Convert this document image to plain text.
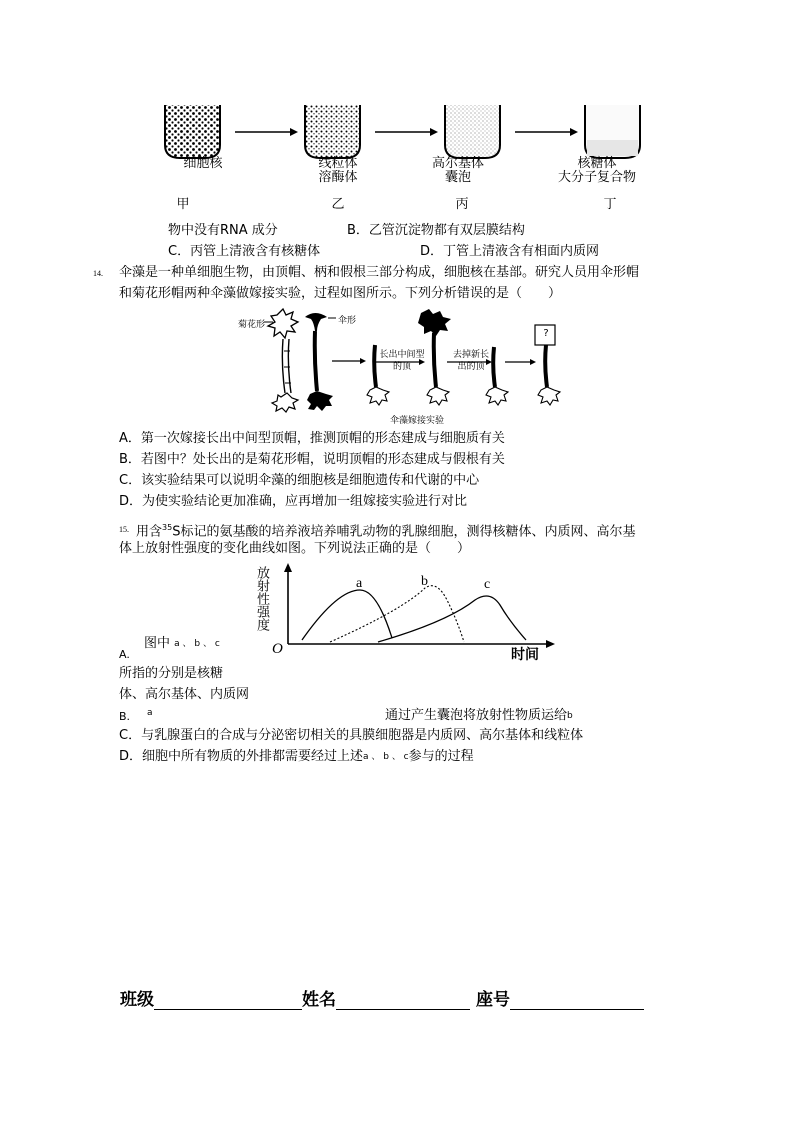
细胞核	线粒体
溶酶体
高尔基体
囊泡
核糖体
大分子复合物
甲	乙	丙	丁
物中没有RNA 成分	B．乙管沉淀物都有双层膜结构
C．丙管上清液含有核糖体	D．丁管上清液含有相面内质网
14. 伞藻是一种单细胞生物，由顶帽、柄和假根三部分构成，细胞核在基部。研究人员用伞形帽
和菊花形帽两种伞藻做嫁接实验，过程如图所示。下列分析错误的是（　　）
菊花形	伞形
长出中间型
的顶
去掉新长
出的顶
?
伞藻嫁接实验
A．第一次嫁接长出中间型顶帽，推测顶帽的形态建成与细胞质有关
B．若图中？处长出的是菊花形帽，说明顶帽的形态建成与假根有关
C．该实验结果可以说明伞藻的细胞核是细胞遗传和代谢的中心
D．为使实验结论更加准确，应再增加一组嫁接实验进行对比
15. 用含$^{35}$S标记的氨基酸的培养液培养哺乳动物的乳腺细胞，测得核糖体、内质网、高尔基
体上放射性强度的变化曲线如图。下列说法正确的是（　　）
放射性强度
时间
O
a	b	c
A.
图中 $^{a 、 b 、 c}$
所指的分别是核糖
体、高尔基体、内质网
B. a	通过产生囊泡将放射性物质运给$^b$
C．与乳腺蛋白的合成与分泌密切相关的具膜细胞器是内质网、高尔基体和线粒体
D．细胞中所有物质的外排都需要经过上述$^{a 、 b 、 c}$参与的过程
班级	姓名	座号
